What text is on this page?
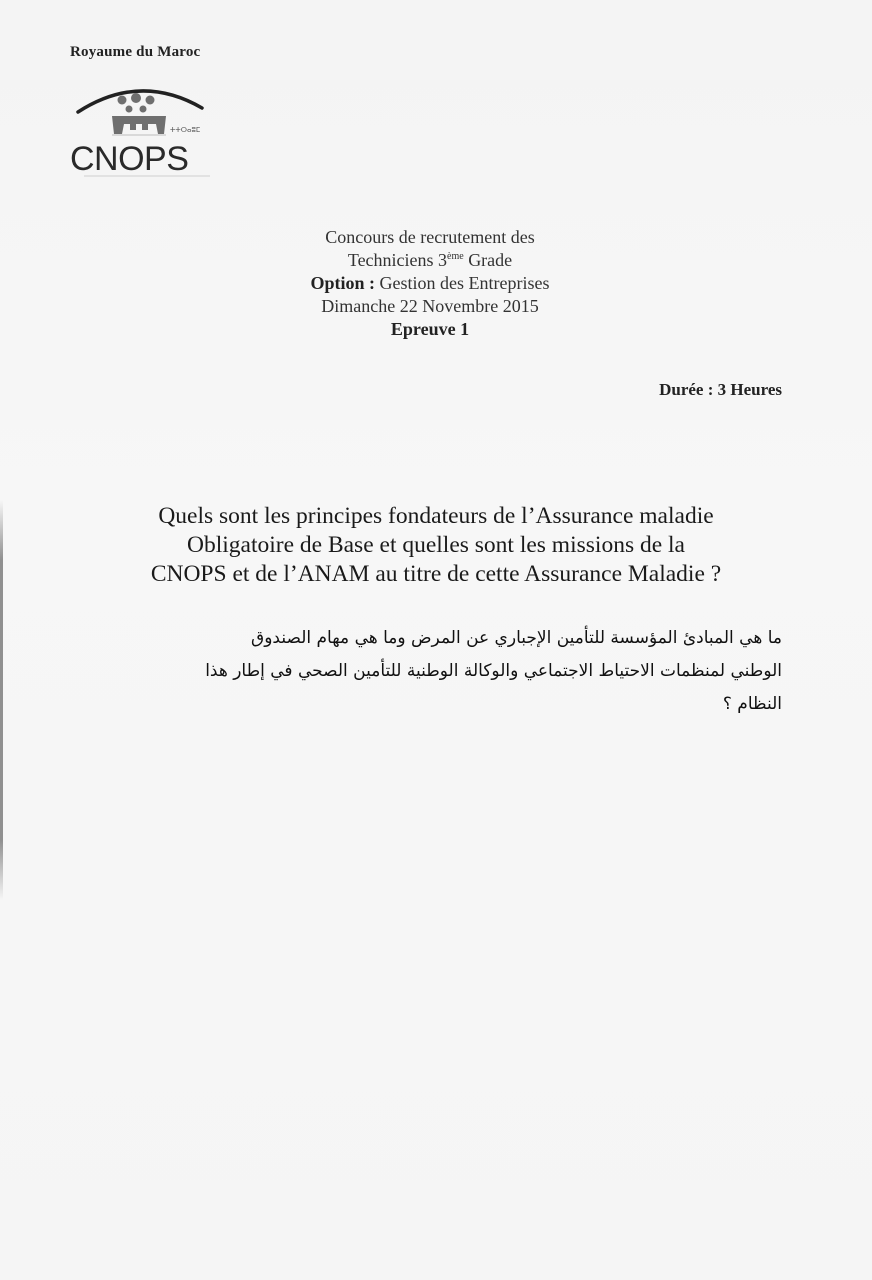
Royaume du Maroc
CNOPS
ⵜⵜⵔⴰⵓⵎ
Concours de recrutement des
Techniciens 3ème Grade
Option : Gestion des Entreprises
Dimanche 22 Novembre 2015
Epreuve 1
Durée : 3 Heures
Quels sont les principes fondateurs de l’Assurance maladie
Obligatoire de Base et quelles sont les missions de la
CNOPS et de l’ANAM au titre de cette Assurance Maladie ?
ما هي المبادئ المؤسسة للتأمين الإجباري عن المرض وما هي مهام الصندوق
الوطني لمنظمات الاحتياط الاجتماعي والوكالة الوطنية للتأمين الصحي في إطار هذا
النظام ؟
